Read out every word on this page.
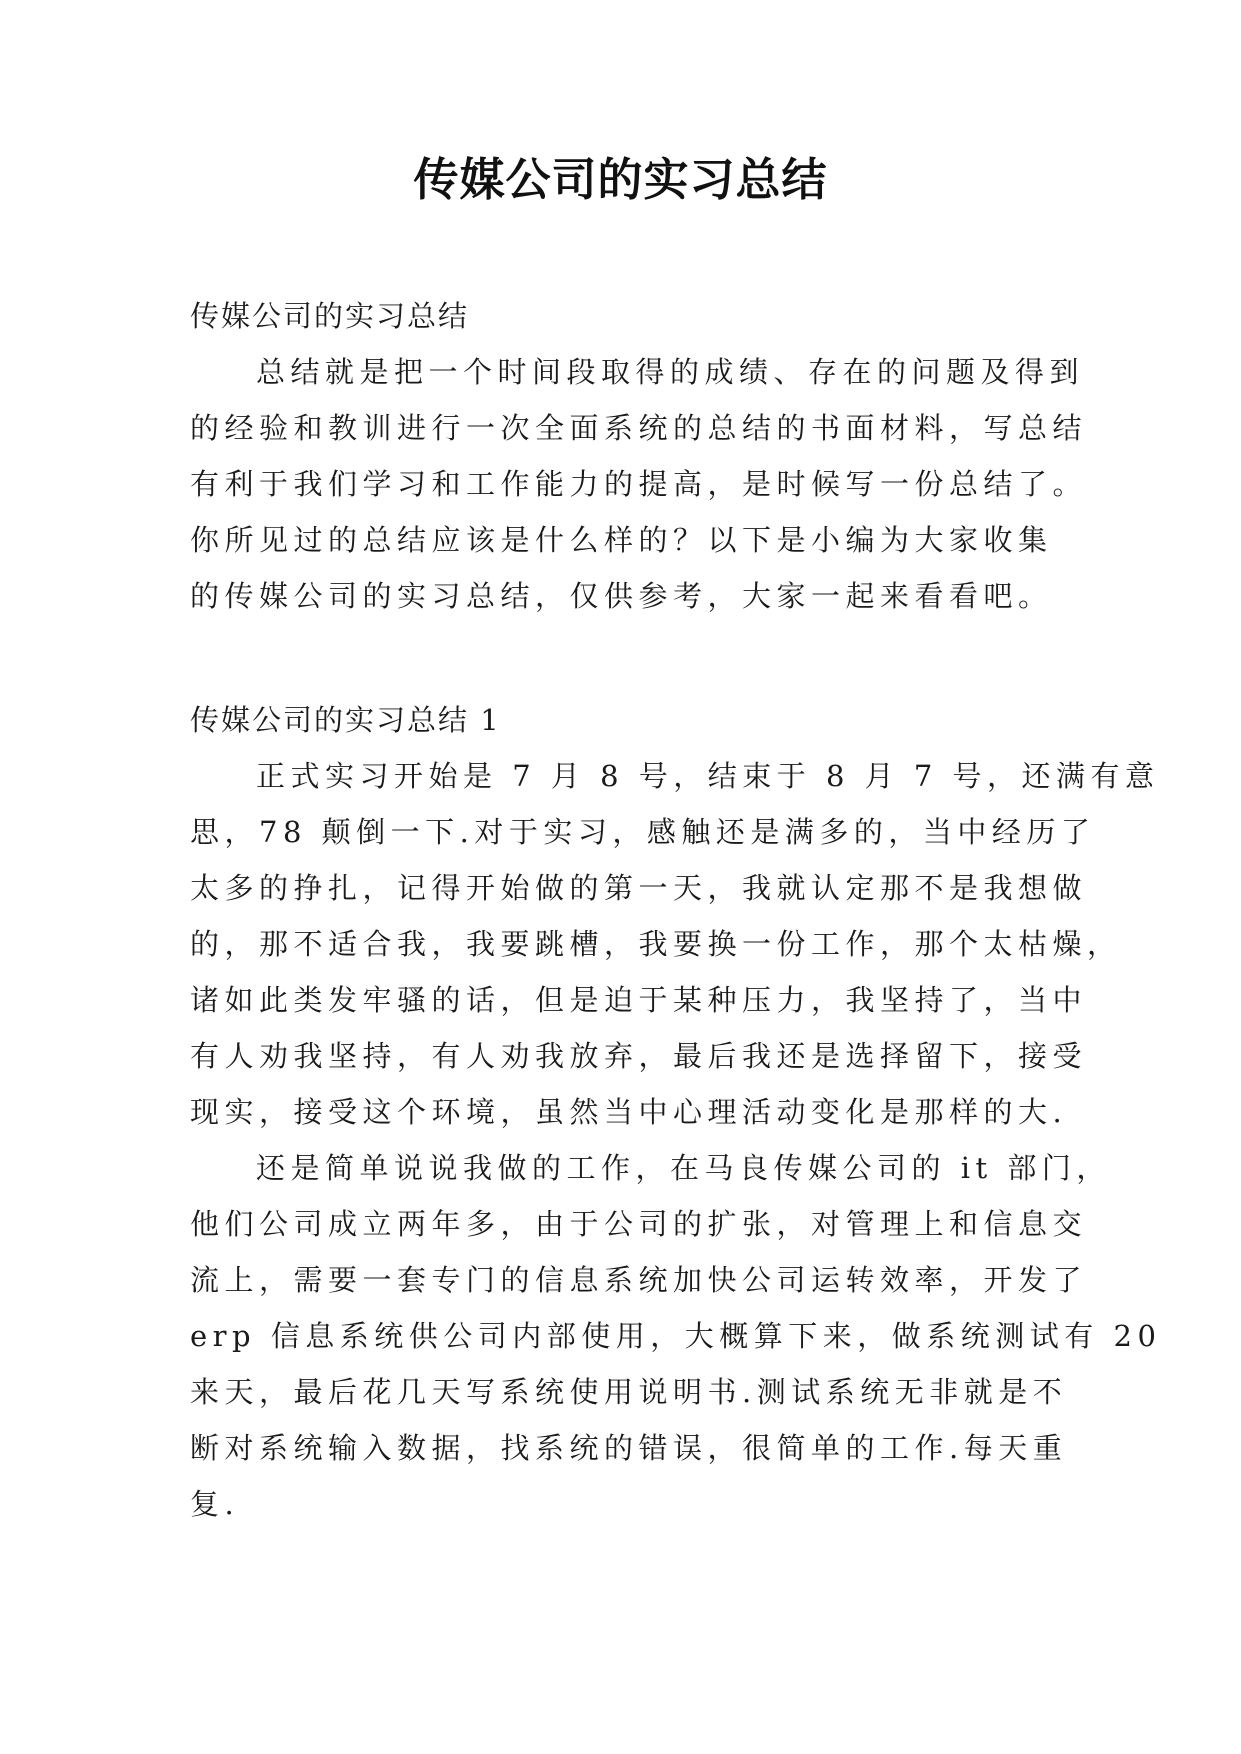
传媒公司的实习总结
传媒公司的实习总结
总结就是把一个时间段取得的成绩、存在的问题及得到
的经验和教训进行一次全面系统的总结的书面材料，写总结
有利于我们学习和工作能力的提高，是时候写一份总结了。
你所见过的总结应该是什么样的？以下是小编为大家收集
的传媒公司的实习总结，仅供参考，大家一起来看看吧。
传媒公司的实习总结 1
正式实习开始是 7 月 8 号，结束于 8 月 7 号，还满有意
思，78 颠倒一下.对于实习，感触还是满多的，当中经历了
太多的挣扎，记得开始做的第一天，我就认定那不是我想做
的，那不适合我，我要跳槽，我要换一份工作，那个太枯燥，
诸如此类发牢骚的话，但是迫于某种压力，我坚持了，当中
有人劝我坚持，有人劝我放弃，最后我还是选择留下，接受
现实，接受这个环境，虽然当中心理活动变化是那样的大.
还是简单说说我做的工作，在马良传媒公司的 it 部门，
他们公司成立两年多，由于公司的扩张，对管理上和信息交
流上，需要一套专门的信息系统加快公司运转效率，开发了
erp 信息系统供公司内部使用，大概算下来，做系统测试有 20
来天，最后花几天写系统使用说明书.测试系统无非就是不
断对系统输入数据，找系统的错误，很简单的工作.每天重
复.
